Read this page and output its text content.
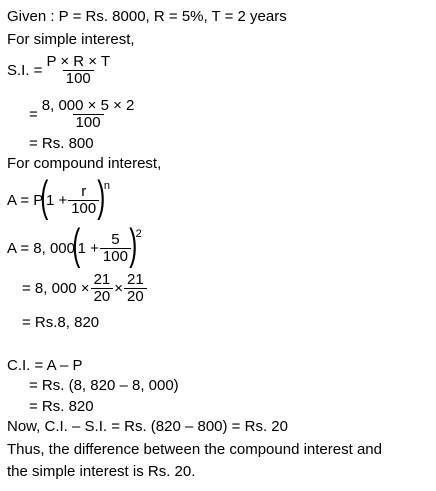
Given : P = Rs. 8000, R = 5%, T = 2 years
For simple interest,
S.I. = $\frac{P \times R \times T}{100}$
= $\frac{8, 000 \times 5 \times 2}{100}$
= Rs. 800
For compound interest,
A = P
(
$1 + \frac{r}{100}$
)
n
A = 8, 000
(
$1 + \frac{5}{100}$
)
2
= 8, $000 \times \frac{21}{20} \times \frac{21}{20}$
= Rs.8, 820
C.I. = A – P
= Rs. (8, 820 – 8, 000)
= Rs. 820
Now, C.I. – S.I. = Rs. (820 – 800) = Rs. 20
Thus, the difference between the compound interest and
the simple interest is Rs. 20.
